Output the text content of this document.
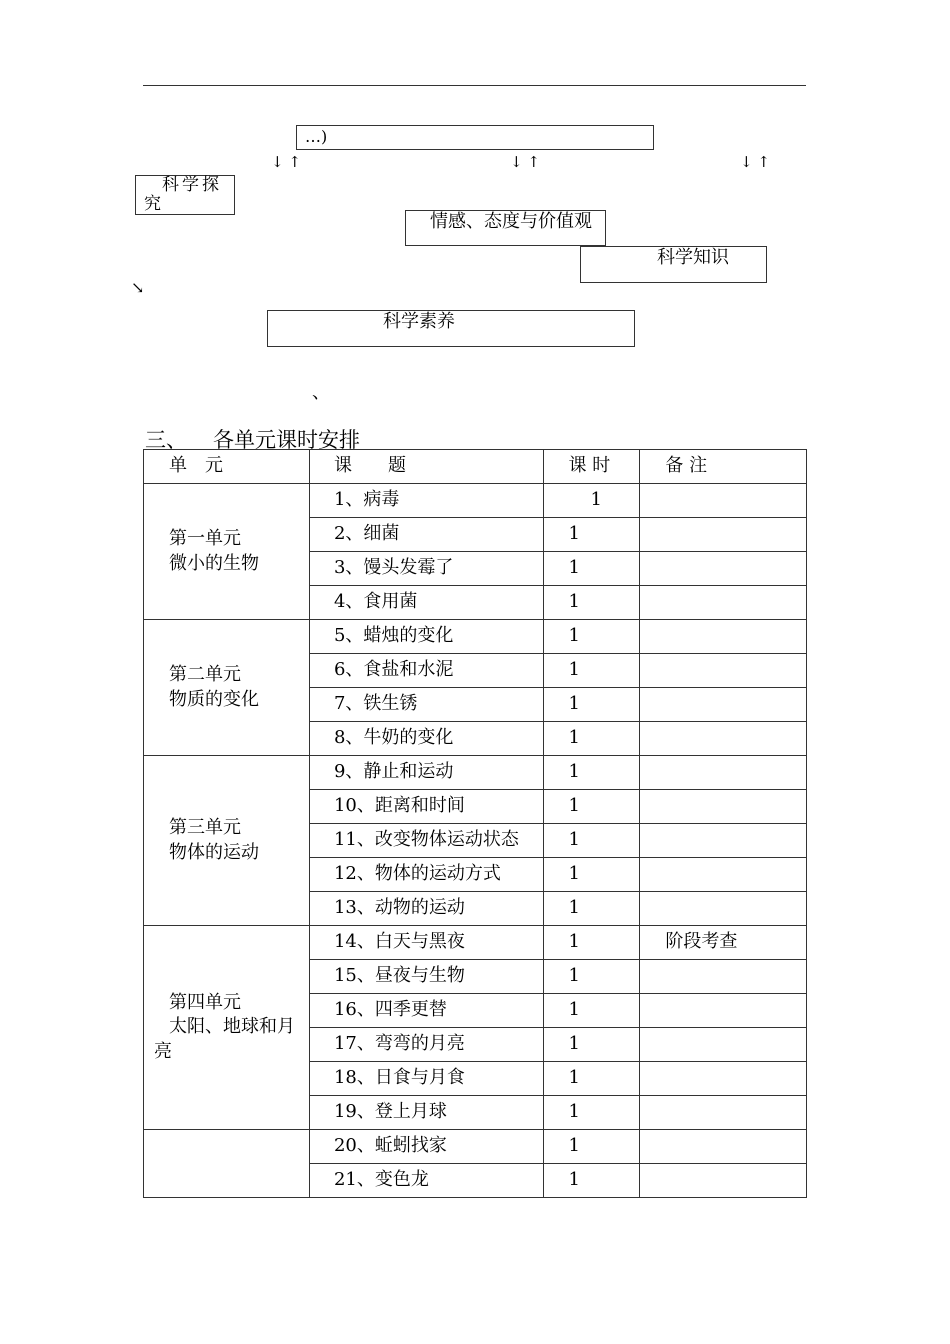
…)
↓ ↑	↓ ↑	↓ ↑
科学探究
情感、态度与价值观
科学知识
↘
科学素养
、
三、 各单元课时安排
单　元	课　　题	课 时	备 注
第一单元
微小的生物	1、病毒	1	
	2、细菌	1	
	3、馒头发霉了	1	
	4、食用菌	1	
第二单元
物质的变化	5、蜡烛的变化	1	
	6、食盐和水泥	1	
	7、铁生锈	1	
	8、牛奶的变化	1	
第三单元
物体的运动	9、静止和运动	1	
	10、距离和时间	1	
	11、改变物体运动状态	1	
	12、物体的运动方式	1	
	13、动物的运动	1	
第四单元
太阳、地球和月亮	14、白天与黑夜	1	阶段考查
	15、昼夜与生物	1	
	16、四季更替	1	
	17、弯弯的月亮	1	
	18、日食与月食	1	
	19、登上月球	1	
	20、蚯蚓找家	1	
	21、变色龙	1	
